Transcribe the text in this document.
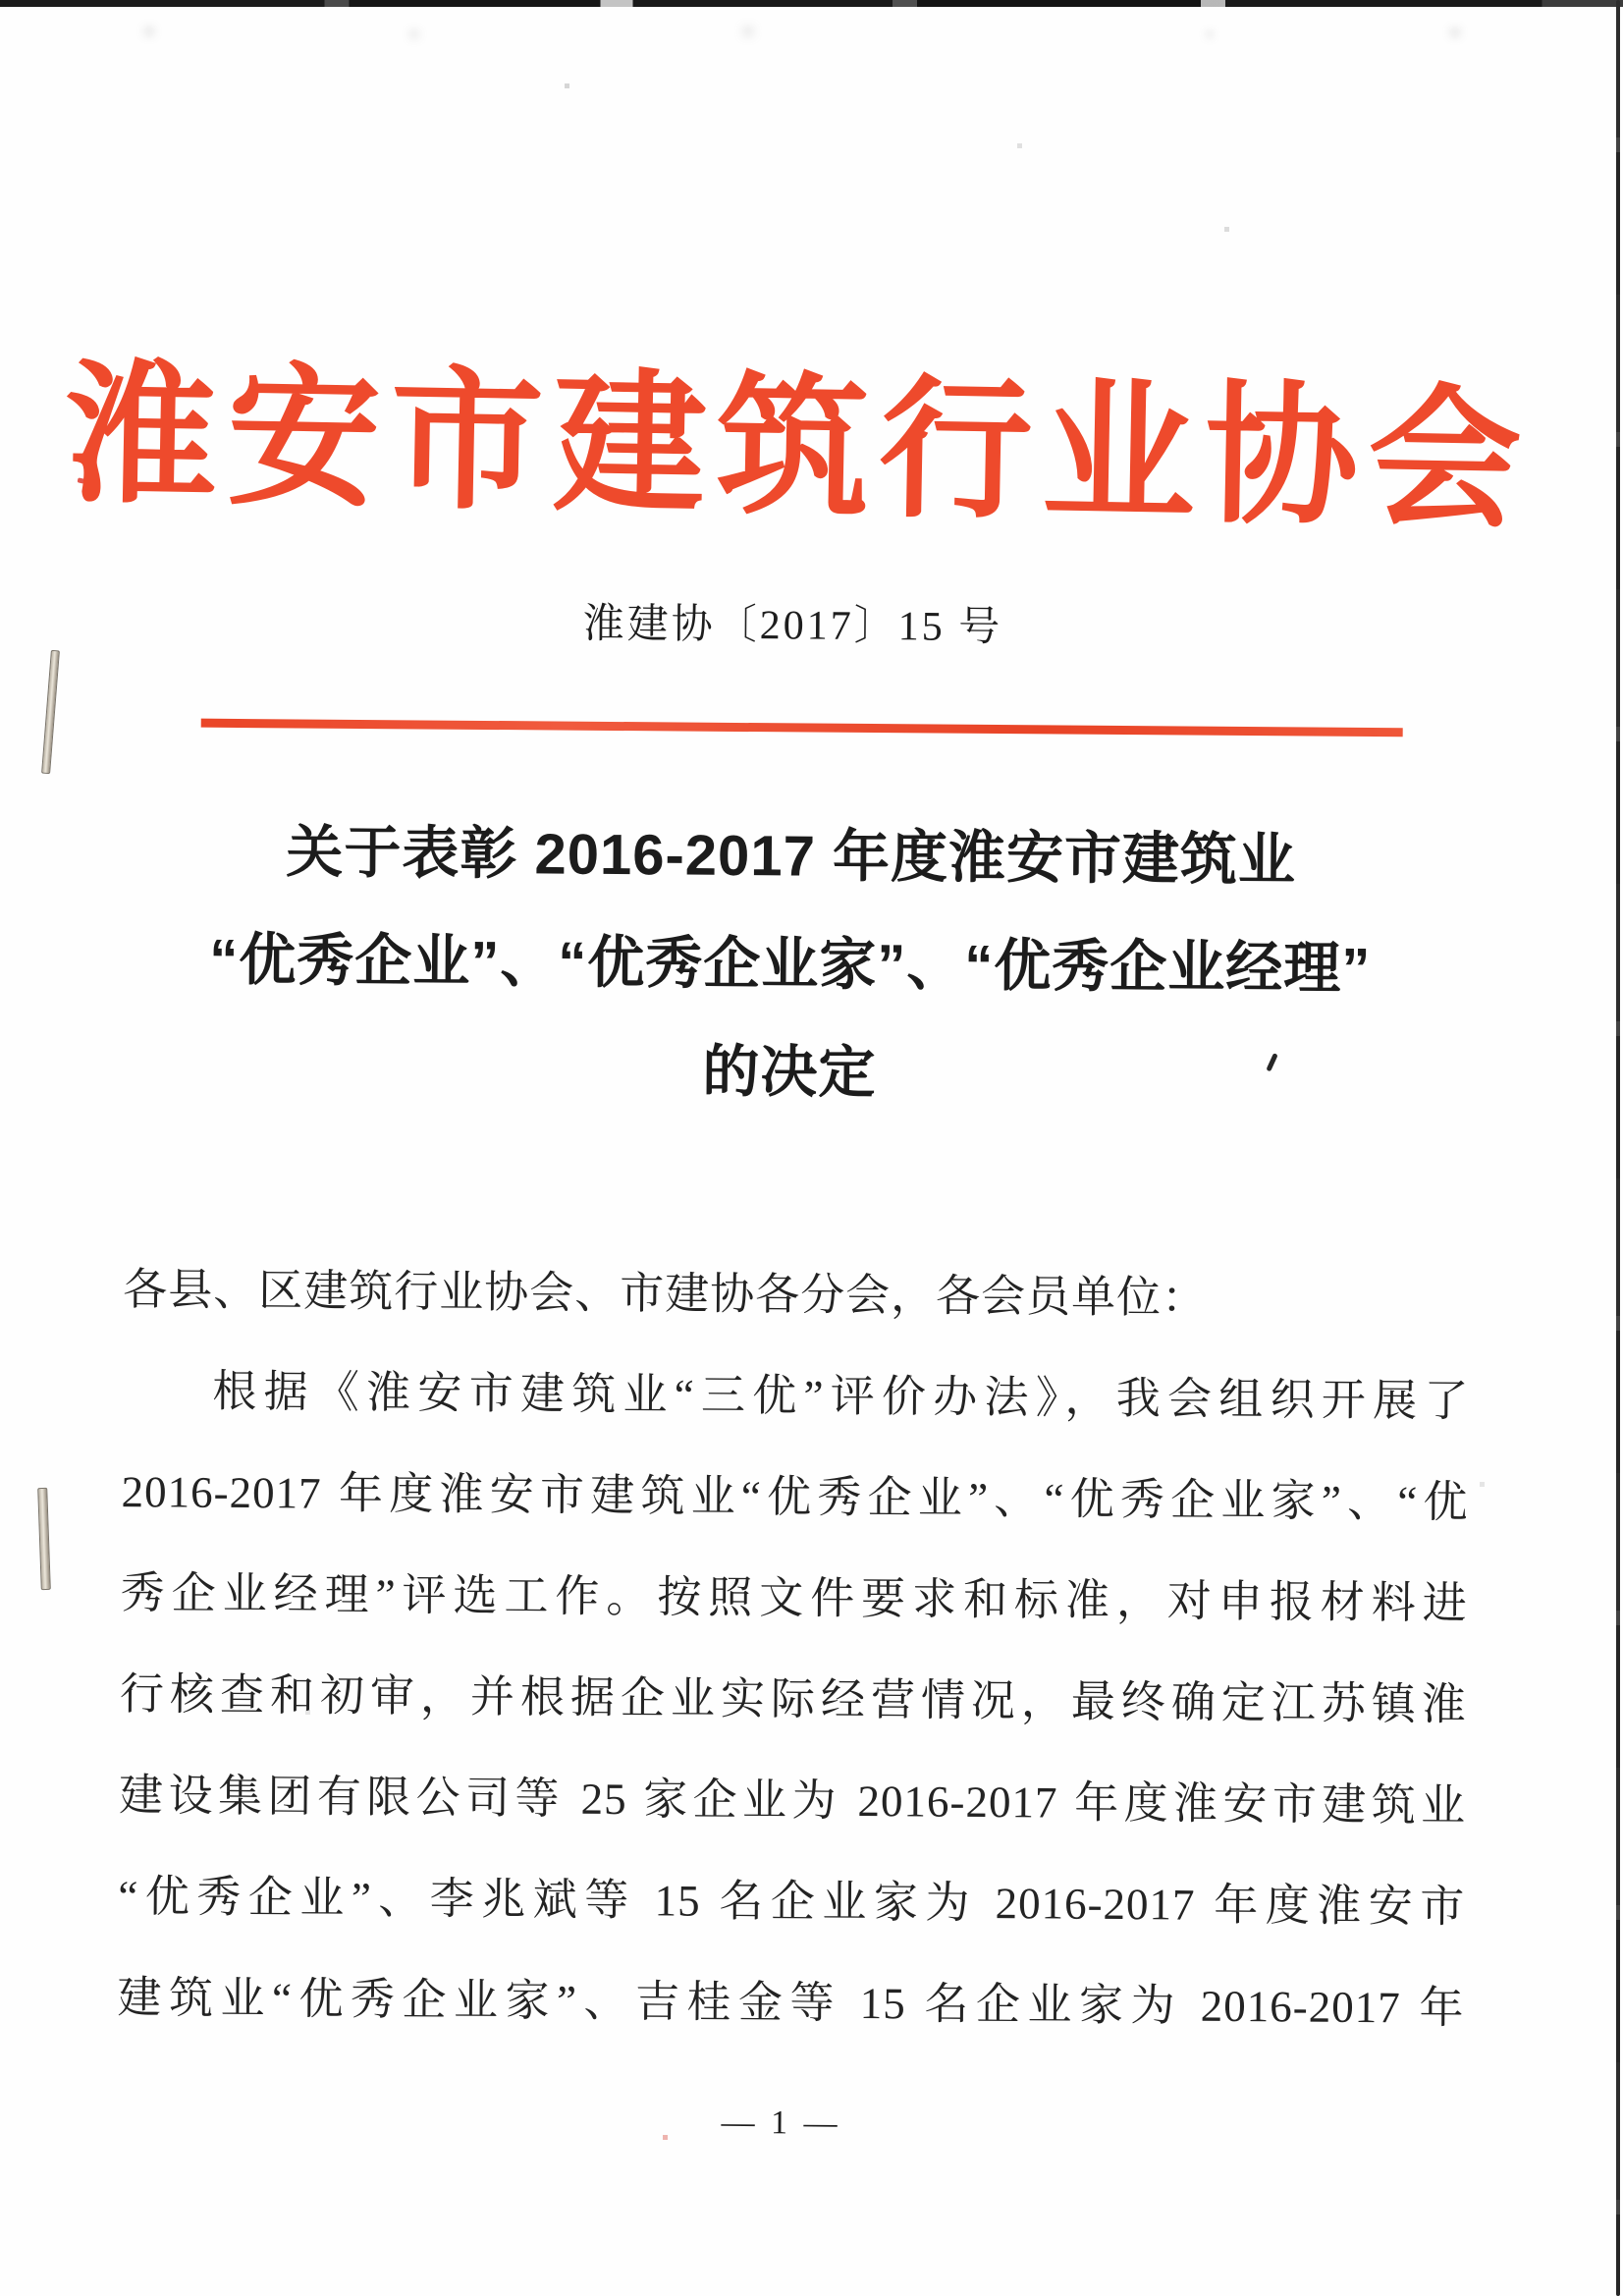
淮安市建筑行业协会
淮建协〔2017〕15 号
关于表彰 2016-2017 年度淮安市建筑业
“优秀企业”、“优秀企业家”、“优秀企业经理”
的决定
各县、区建筑行业协会、市建协各分会，各会员单位：
根据《淮安市建筑业“三优”评价办法》，我会组织开展了
2016-2017 年度淮安市建筑业“优秀企业”、“优秀企业家”、“优
秀企业经理”评选工作。按照文件要求和标准，对申报材料进
行核查和初审，并根据企业实际经营情况，最终确定江苏镇淮
建设集团有限公司等 25 家企业为 2016-2017 年度淮安市建筑业
“优秀企业”、李兆斌等 15 名企业家为 2016-2017 年度淮安市
建筑业“优秀企业家”、吉桂金等 15 名企业家为 2016-2017 年
— 1 —
